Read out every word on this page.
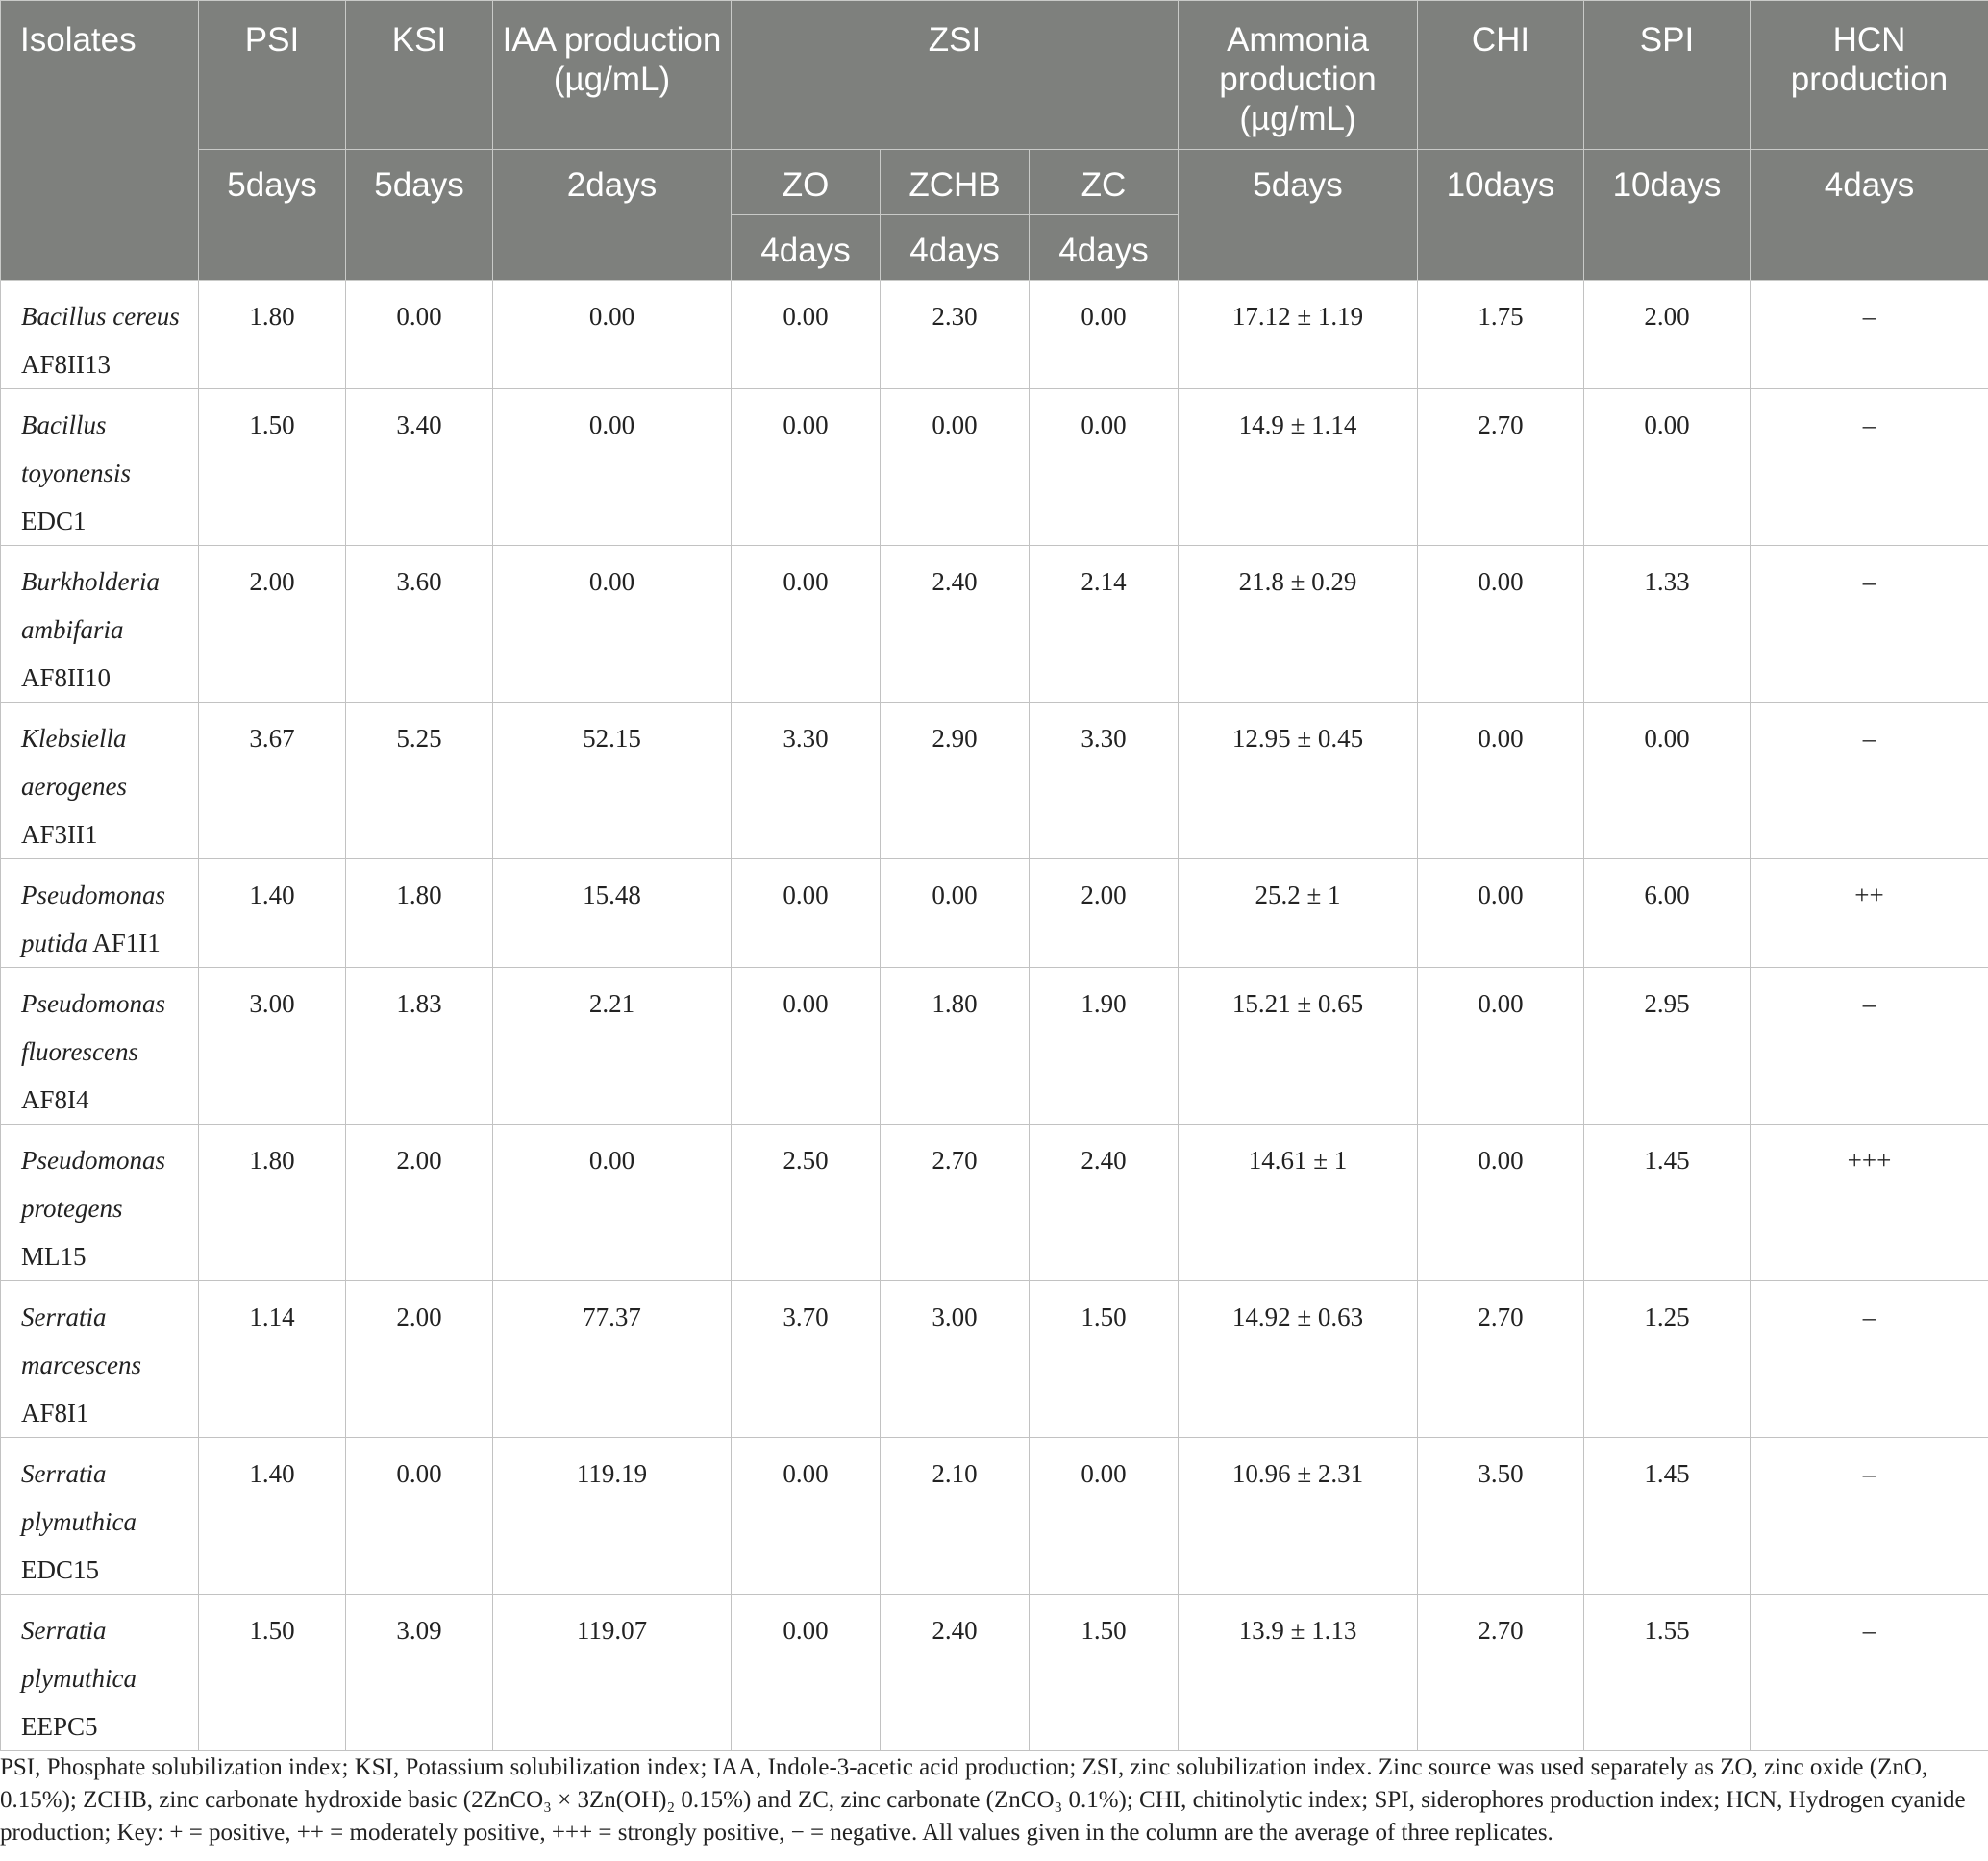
Isolates	PSI	KSI	IAA production (µg/mL)	ZSI			Ammonia production (µg/mL)	CHI	SPI	HCN production
	5days	5days	2days	ZO	ZCHB	ZC	5days	10days	10days	4days
				4days	4days	4days				
Bacillus cereus AF8II13	1.80	0.00	0.00	0.00	2.30	0.00	17.12 ± 1.19	1.75	2.00	–
Bacillus toyonensis EDC1	1.50	3.40	0.00	0.00	0.00	0.00	14.9 ± 1.14	2.70	0.00	–
Burkholderia ambifaria AF8II10	2.00	3.60	0.00	0.00	2.40	2.14	21.8 ± 0.29	0.00	1.33	–
Klebsiella aerogenes AF3II1	3.67	5.25	52.15	3.30	2.90	3.30	12.95 ± 0.45	0.00	0.00	–
Pseudomonas putida AF1I1	1.40	1.80	15.48	0.00	0.00	2.00	25.2 ± 1	0.00	6.00	++
Pseudomonas fluorescens AF8I4	3.00	1.83	2.21	0.00	1.80	1.90	15.21 ± 0.65	0.00	2.95	–
Pseudomonas protegens ML15	1.80	2.00	0.00	2.50	2.70	2.40	14.61 ± 1	0.00	1.45	+++
Serratia marcescens AF8I1	1.14	2.00	77.37	3.70	3.00	1.50	14.92 ± 0.63	2.70	1.25	–
Serratia plymuthica EDC15	1.40	0.00	119.19	0.00	2.10	0.00	10.96 ± 2.31	3.50	1.45	–
Serratia plymuthica EEPC5	1.50	3.09	119.07	0.00	2.40	1.50	13.9 ± 1.13	2.70	1.55	–
PSI, Phosphate solubilization index; KSI, Potassium solubilization index; IAA, Indole-3-acetic acid production; ZSI, zinc solubilization index. Zinc source was used separately as ZO, zinc oxide (ZnO, 0.15%); ZCHB, zinc carbonate hydroxide basic (2ZnCO₃ × 3Zn(OH)₂ 0.15%) and ZC, zinc carbonate (ZnCO₃ 0.1%); CHI, chitinolytic index; SPI, siderophores production index; HCN, Hydrogen cyanide production; Key: + = positive, ++ = moderately positive, +++ = strongly positive, − = negative. All values given in the column are the average of three replicates.
